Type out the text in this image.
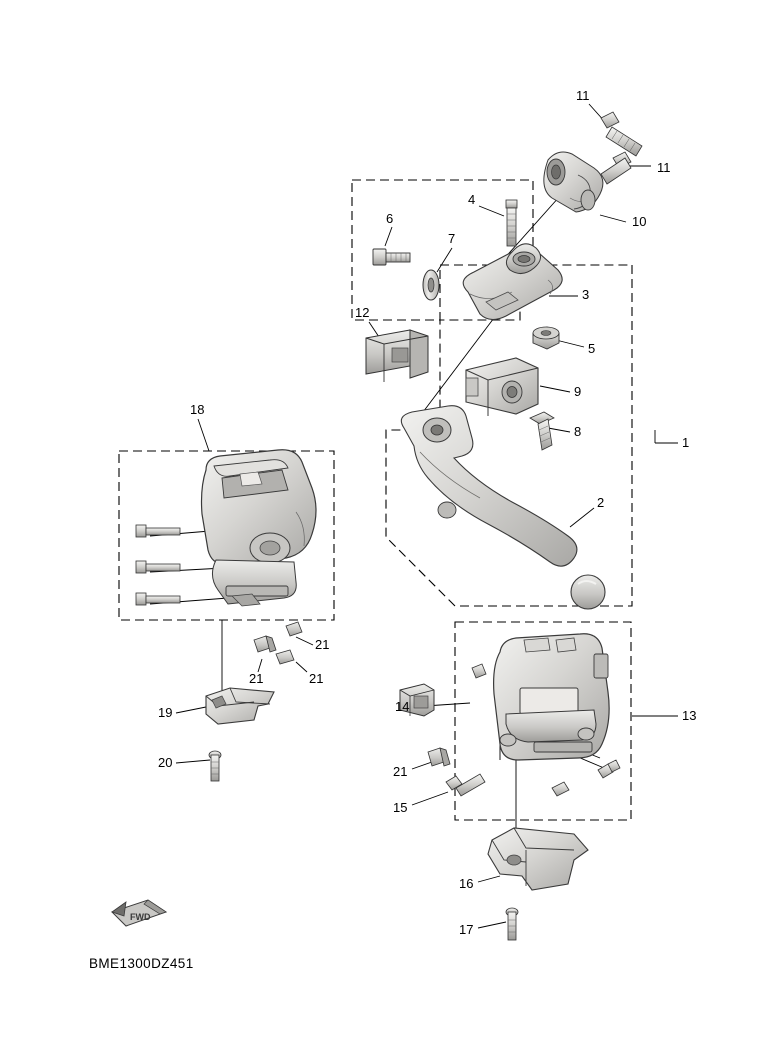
11
11
10
4
6
7
3
5
12
9
8
1
2
18
21
21	21
19
20
14
13
21
15
16
17
FWD
BME1300DZ451
